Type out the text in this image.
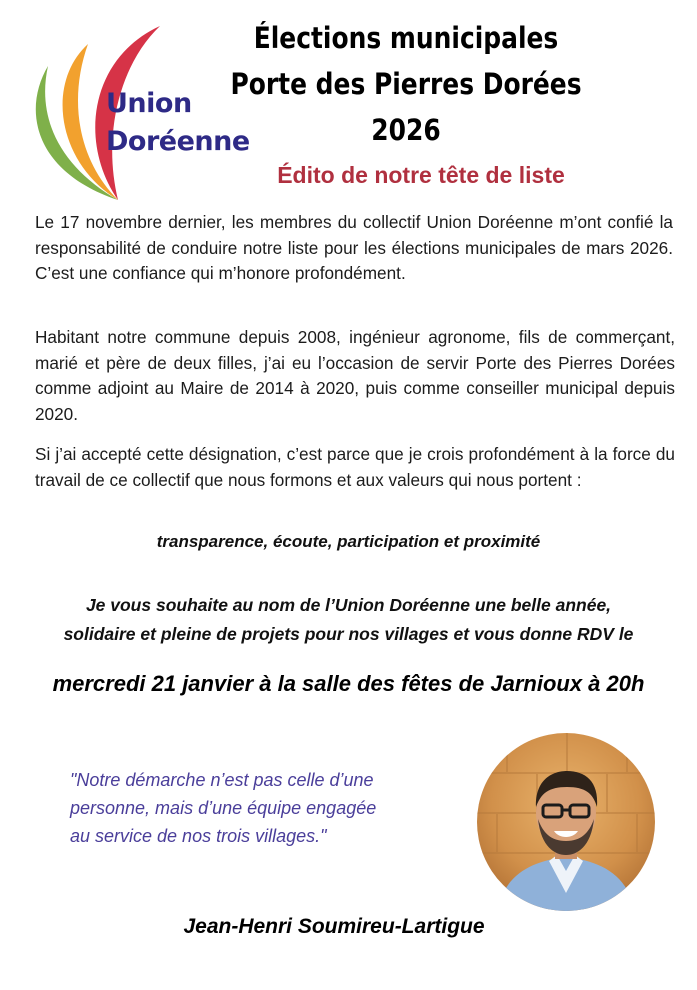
Union
Doréenne
Élections municipales
Porte des Pierres Dorées
2026
Édito de notre tête de liste
Le 17 novembre dernier, les membres du collectif Union Doréenne m’ont confié la responsabilité de conduire notre liste pour les élections municipales de mars 2026. C’est une confiance qui m’honore profondément.
Habitant notre commune depuis 2008, ingénieur agronome, fils de commerçant, marié et père de deux filles, j’ai eu l’occasion de servir Porte des Pierres Dorées comme adjoint au Maire de 2014 à 2020, puis comme conseiller municipal depuis 2020.
Si j’ai accepté cette désignation, c’est parce que je crois profondément à la force du travail de ce collectif que nous formons et aux valeurs qui nous portent :
transparence, écoute, participation et proximité
Je vous souhaite au nom de l’Union Doréenne une belle année,
solidaire et pleine de projets pour nos villages et vous donne RDV le
mercredi 21 janvier à la salle des fêtes de Jarnioux à 20h
"Notre démarche n’est pas celle d’une
personne, mais d’une équipe engagée
au service de nos trois villages."
Jean-Henri Soumireu-Lartigue
